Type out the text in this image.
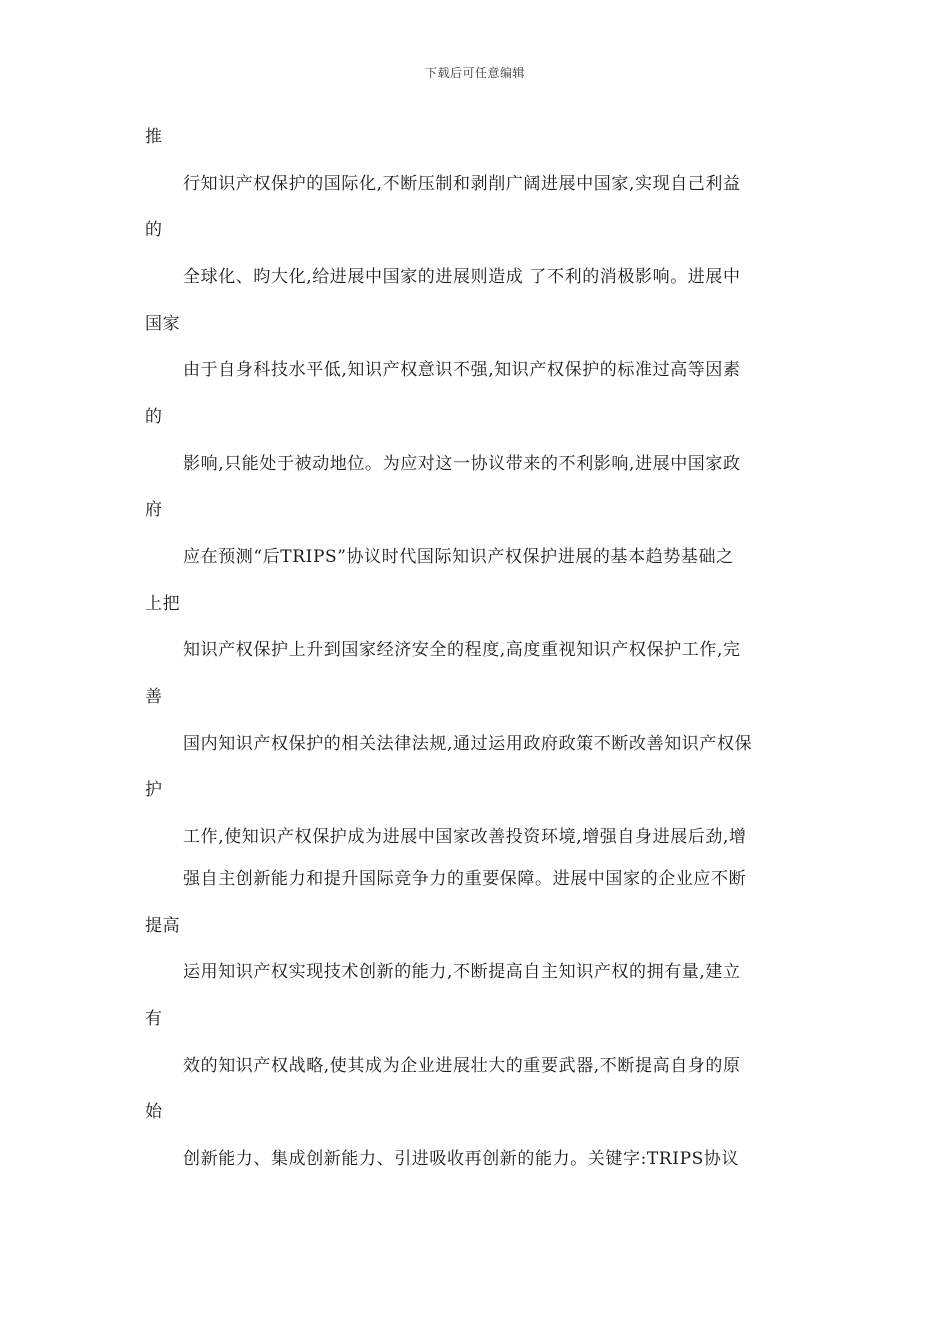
下载后可任意编辑
推
行知识产权保护的国际化,不断压制和剥削广阔进展中国家,实现自己利益
的
全球化、昀大化,给进展中国家的进展则造成 了不利的消极影响。进展中
国家
由于自身科技水平低,知识产权意识不强,知识产权保护的标准过高等因素
的
影响,只能处于被动地位。为应对这一协议带来的不利影响,进展中国家政
府
应在预测“后TRIPS”协议时代国际知识产权保护进展的基本趋势基础之
上把
知识产权保护上升到国家经济安全的程度,高度重视知识产权保护工作,完
善
国内知识产权保护的相关法律法规,通过运用政府政策不断改善知识产权保
护
工作,使知识产权保护成为进展中国家改善投资环境,增强自身进展后劲,增
强自主创新能力和提升国际竞争力的重要保障。进展中国家的企业应不断
提高
运用知识产权实现技术创新的能力,不断提高自主知识产权的拥有量,建立
有
效的知识产权战略,使其成为企业进展壮大的重要武器,不断提高自身的原
始
创新能力、集成创新能力、引进吸收再创新的能力。关键字:TRIPS协议
